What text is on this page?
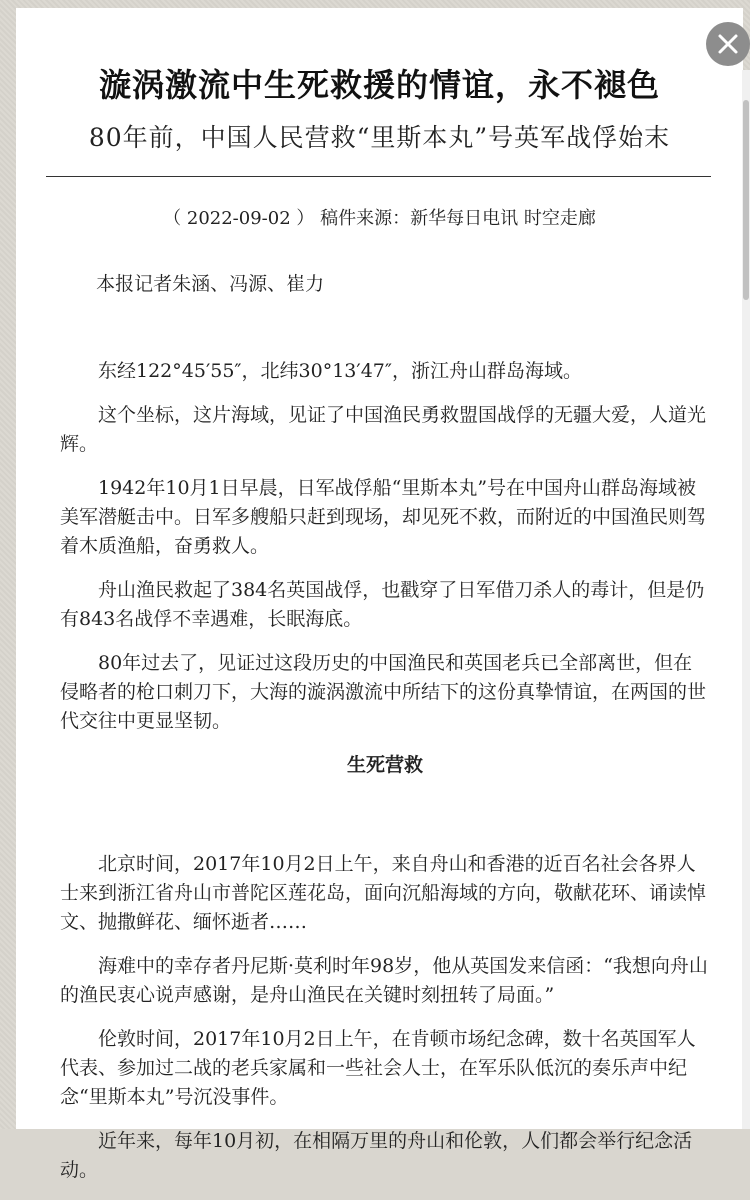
漩涡激流中生死救援的情谊，永不褪色
80年前，中国人民营救“里斯本丸”号英军战俘始末
（ 2022-09-02 ） 稿件来源：新华每日电讯 时空走廊

本报记者朱涵、冯源、崔力

东经122°45′55″，北纬30°13′47″，浙江舟山群岛海域。

这个坐标，这片海域，见证了中国渔民勇救盟国战俘的无疆大爱，人道光辉。

1942年10月1日早晨，日军战俘船“里斯本丸”号在中国舟山群岛海域被美军潜艇击中。日军多艘船只赶到现场，却见死不救，而附近的中国渔民则驾着木质渔船，奋勇救人。

舟山渔民救起了384名英国战俘，也戳穿了日军借刀杀人的毒计，但是仍有843名战俘不幸遇难，长眠海底。

80年过去了，见证过这段历史的中国渔民和英国老兵已全部离世，但在侵略者的枪口刺刀下，大海的漩涡激流中所结下的这份真挚情谊，在两国的世代交往中更显坚韧。

生死营救

北京时间，2017年10月2日上午，来自舟山和香港的近百名社会各界人士来到浙江省舟山市普陀区莲花岛，面向沉船海域的方向，敬献花环、诵读悼文、抛撒鲜花、缅怀逝者……

海难中的幸存者丹尼斯·莫利时年98岁，他从英国发来信函：“我想向舟山的渔民衷心说声感谢，是舟山渔民在关键时刻扭转了局面。”

伦敦时间，2017年10月2日上午，在肯顿市场纪念碑，数十名英国军人代表、参加过二战的老兵家属和一些社会人士，在军乐队低沉的奏乐声中纪念“里斯本丸”号沉没事件。

近年来，每年10月初，在相隔万里的舟山和伦敦，人们都会举行纪念活动。
